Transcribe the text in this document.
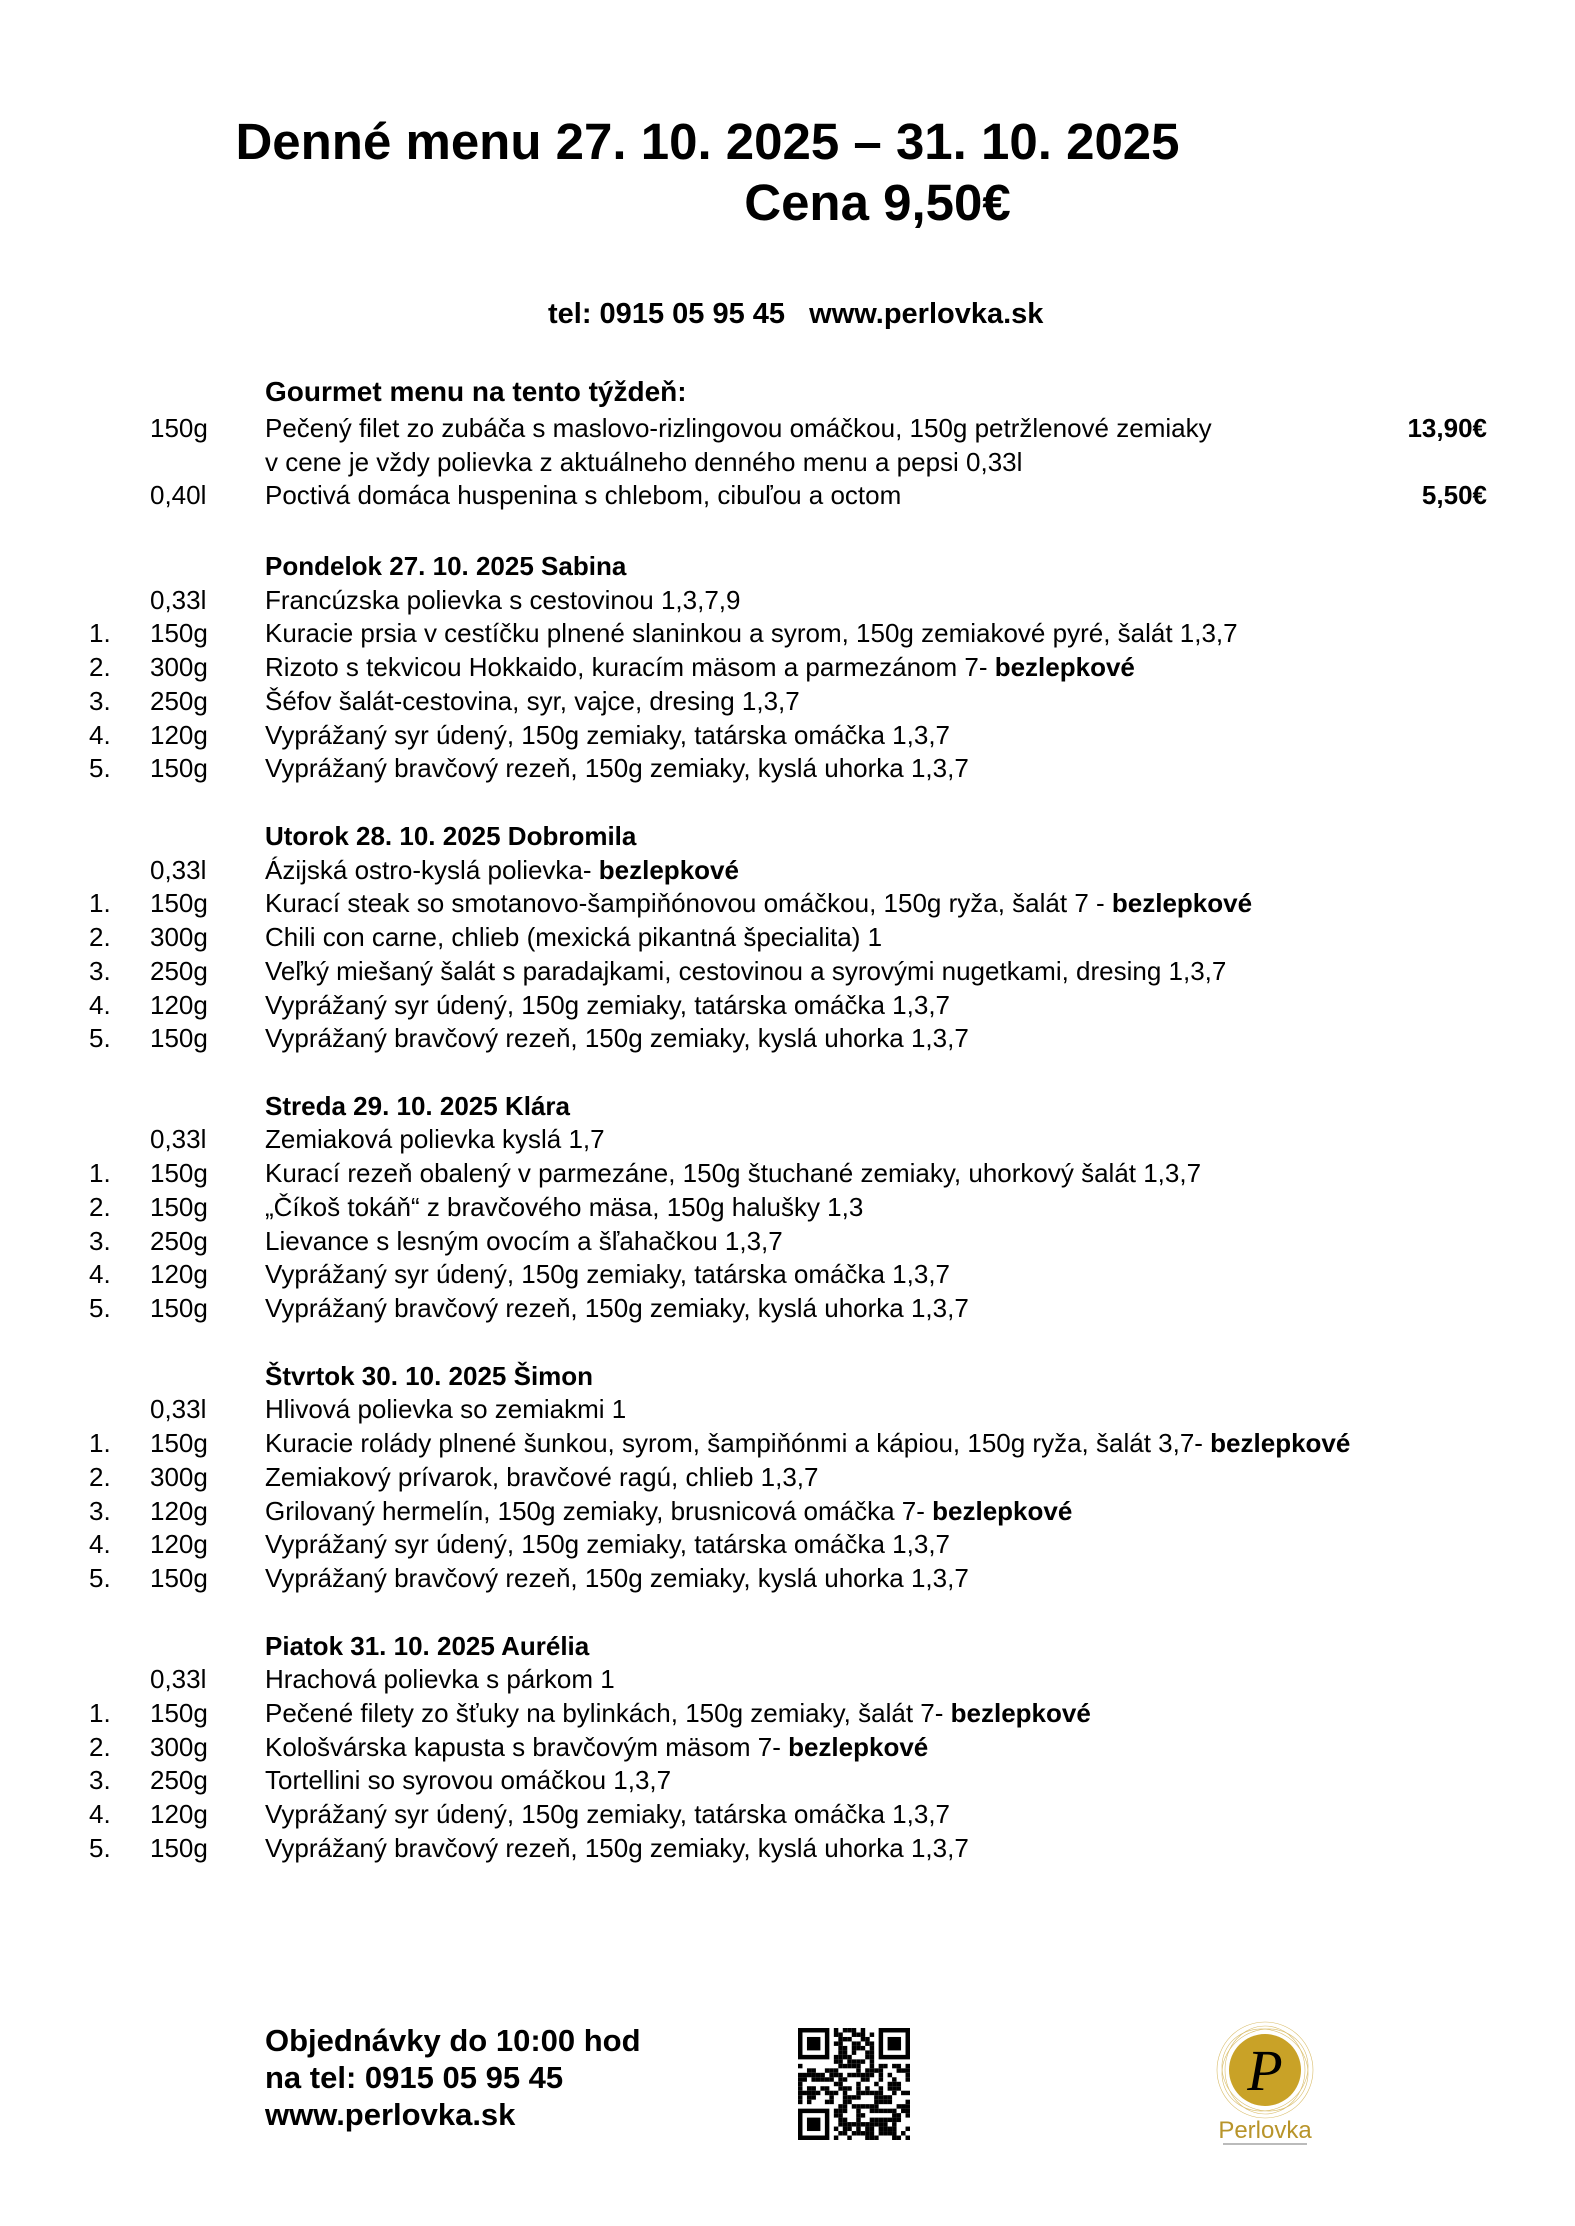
Denné menu 27. 10. 2025 – 31. 10. 2025
Cena 9,50€
tel: 0915 05 95 45   www.perlovka.sk
Gourmet menu na tento týždeň:
150g Pečený filet zo zubáča s maslovo-rizlingovou omáčkou, 150g petržlenové zemiaky	13,90€
v cene je vždy polievka z aktuálneho denného menu a pepsi 0,33l
0,40l Poctivá domáca huspenina s chlebom, cibuľou a octom	5,50€
Pondelok 27. 10. 2025 Sabina
0,33l Francúzska polievka s cestovinou 1,3,7,9
1. 150g Kuracie prsia v cestíčku plnené slaninkou a syrom, 150g zemiakové pyré, šalát 1,3,7
2. 300g Rizoto s tekvicou Hokkaido, kuracím mäsom a parmezánom 7- bezlepkové
3. 250g Šéfov šalát-cestovina, syr, vajce, dresing 1,3,7
4. 120g Vyprážaný syr údený, 150g zemiaky, tatárska omáčka 1,3,7
5. 150g Vyprážaný bravčový rezeň, 150g zemiaky, kyslá uhorka 1,3,7
Utorok 28. 10. 2025 Dobromila
0,33l Ázijská ostro-kyslá polievka- bezlepkové
1. 150g Kurací steak so smotanovo-šampiňónovou omáčkou, 150g ryža, šalát 7 - bezlepkové
2. 300g Chili con carne, chlieb (mexická pikantná špecialita) 1
3. 250g Veľký miešaný šalát s paradajkami, cestovinou a syrovými nugetkami, dresing 1,3,7
4. 120g Vyprážaný syr údený, 150g zemiaky, tatárska omáčka 1,3,7
5. 150g Vyprážaný bravčový rezeň, 150g zemiaky, kyslá uhorka 1,3,7
Streda 29. 10. 2025 Klára
0,33l Zemiaková polievka kyslá 1,7
1. 150g Kurací rezeň obalený v parmezáne, 150g štuchané zemiaky, uhorkový šalát 1,3,7
2. 150g „Číkoš tokáň“ z bravčového mäsa, 150g halušky 1,3
3. 250g Lievance s lesným ovocím a šľahačkou 1,3,7
4. 120g Vyprážaný syr údený, 150g zemiaky, tatárska omáčka 1,3,7
5. 150g Vyprážaný bravčový rezeň, 150g zemiaky, kyslá uhorka 1,3,7
Štvrtok 30. 10. 2025 Šimon
0,33l Hlivová polievka so zemiakmi 1
1. 150g Kuracie rolády plnené šunkou, syrom, šampiňónmi a kápiou, 150g ryža, šalát 3,7- bezlepkové
2. 300g Zemiakový prívarok, bravčové ragú, chlieb 1,3,7
3. 120g Grilovaný hermelín, 150g zemiaky, brusnicová omáčka 7- bezlepkové
4. 120g Vyprážaný syr údený, 150g zemiaky, tatárska omáčka 1,3,7
5. 150g Vyprážaný bravčový rezeň, 150g zemiaky, kyslá uhorka 1,3,7
Piatok 31. 10. 2025 Aurélia
0,33l Hrachová polievka s párkom 1
1. 150g Pečené filety zo šťuky na bylinkách, 150g zemiaky, šalát 7- bezlepkové
2. 300g Kološvárska kapusta s bravčovým mäsom 7- bezlepkové
3. 250g Tortellini so syrovou omáčkou 1,3,7
4. 120g Vyprážaný syr údený, 150g zemiaky, tatárska omáčka 1,3,7
5. 150g Vyprážaný bravčový rezeň, 150g zemiaky, kyslá uhorka 1,3,7
Objednávky do 10:00 hod
na tel: 0915 05 95 45
www.perlovka.sk
P
Perlovka
